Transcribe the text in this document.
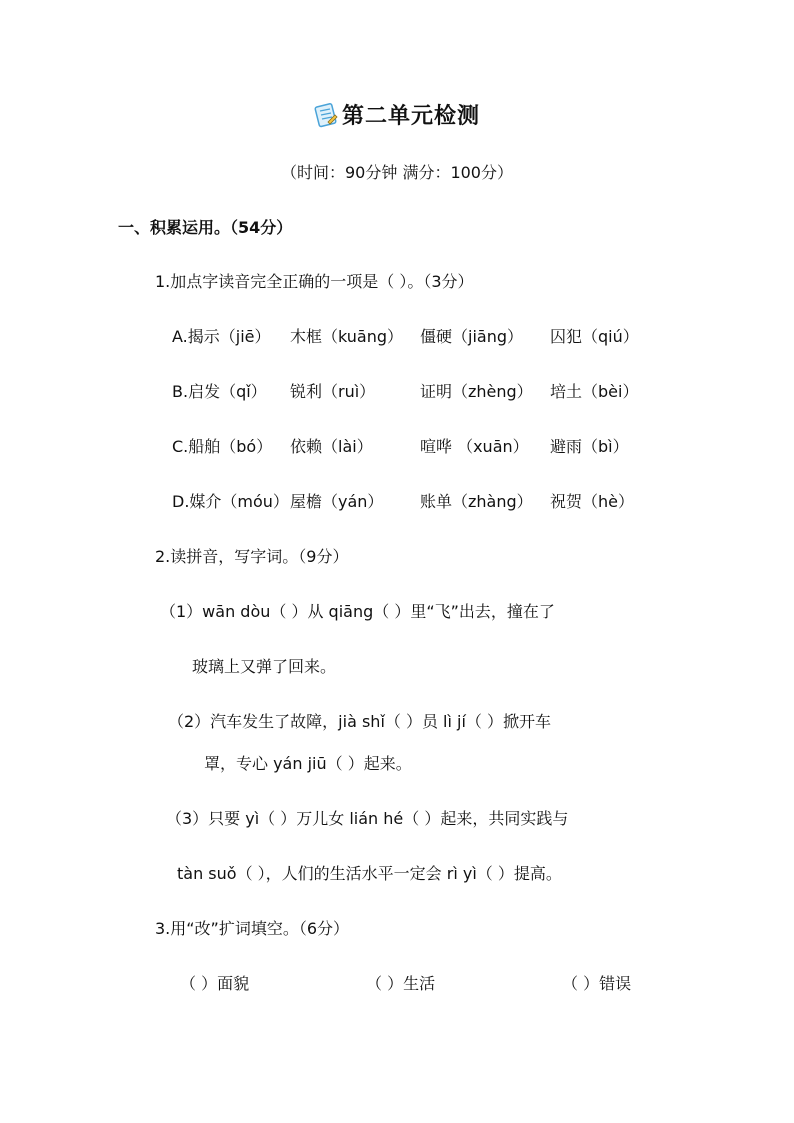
第二单元检测
（时间：90分钟 满分：100分）
一、积累运用。（54分）
1.加点字读音完全正确的一项是（ ）。（3分）
A.揭示（jiē） 木框（kuāng） 僵硬（jiāng） 囚犯（qiú）
B.启发（qǐ） 锐利（ruì）	证明（zhèng） 培土（bèi）
C.船舶（bó） 依赖（lài）	喧哗 （xuān） 避雨（bì）
D.媒介（móu）屋檐（yán） 账单（zhàng） 祝贺（hè）
2.读拼音，写字词。（9分）
（1）wān dòu（ ）从 qiāng（ ）里“飞”出去，撞在了
玻璃上又弹了回来。
（2）汽车发生了故障，jià shǐ（ ）员 lì jí（ ）掀开车
罩，专心 yán jiū（ ）起来。
（3）只要 yì（ ）万儿女 lián hé（ ）起来，共同实践与
tàn suǒ（ ），人们的生活水平一定会 rì yì（ ）提高。
3.用“改”扩词填空。（6分）
（ ）面貌	（ ）生活	（ ）错误
